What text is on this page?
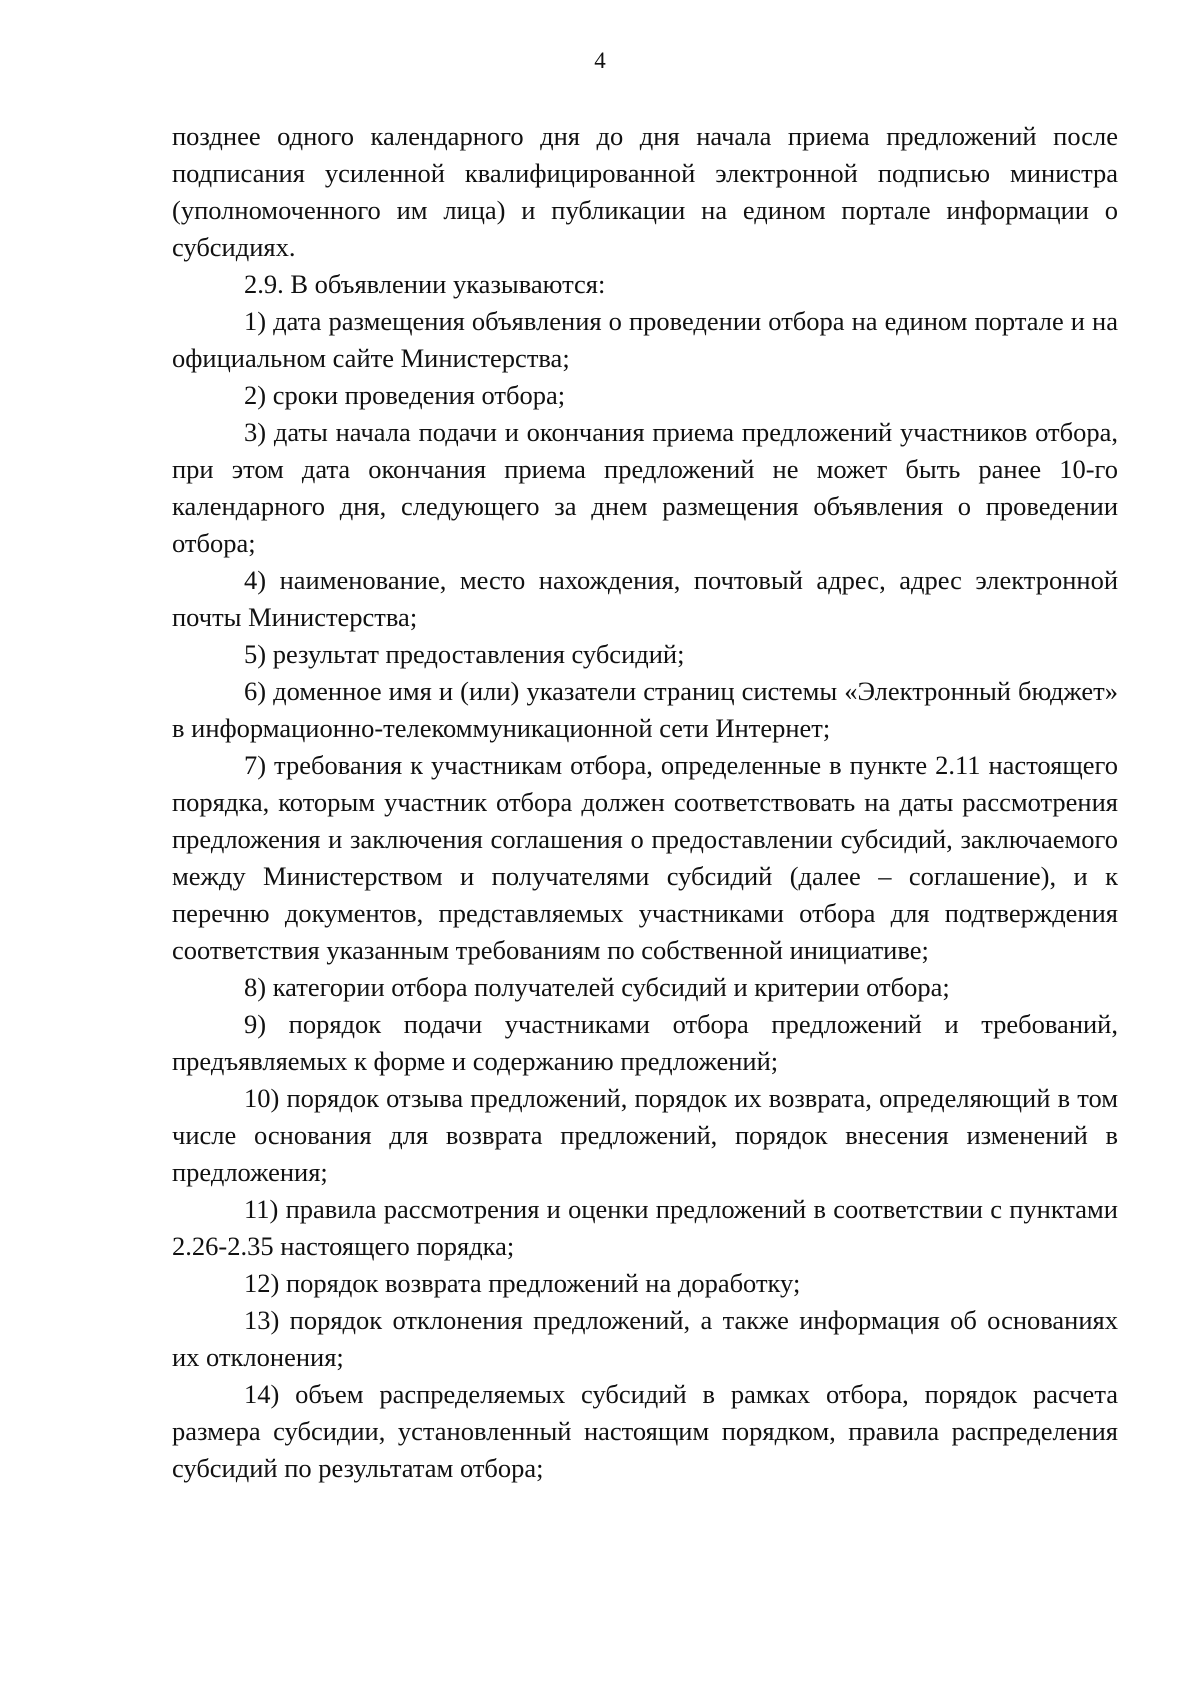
4

позднее одного календарного дня до дня начала приема предложений после подписания усиленной квалифицированной электронной подписью министра (уполномоченного им лица) и публикации на едином портале информации о субсидиях.

2.9. В объявлении указываются:

1) дата размещения объявления о проведении отбора на едином портале и на официальном сайте Министерства;

2) сроки проведения отбора;

3) даты начала подачи и окончания приема предложений участников отбора, при этом дата окончания приема предложений не может быть ранее 10-го календарного дня, следующего за днем размещения объявления о проведении отбора;

4) наименование, место нахождения, почтовый адрес, адрес электронной почты Министерства;

5) результат предоставления субсидий;

6) доменное имя и (или) указатели страниц системы «Электронный бюджет» в информационно-телекоммуникационной сети Интернет;

7) требования к участникам отбора, определенные в пункте 2.11 настоящего порядка, которым участник отбора должен соответствовать на даты рассмотрения предложения и заключения соглашения о предоставлении субсидий, заключаемого между Министерством и получателями субсидий (далее – соглашение), и к перечню документов, представляемых участниками отбора для подтверждения соответствия указанным требованиям по собственной инициативе;

8) категории отбора получателей субсидий и критерии отбора;

9) порядок подачи участниками отбора предложений и требований, предъявляемых к форме и содержанию предложений;

10) порядок отзыва предложений, порядок их возврата, определяющий в том числе основания для возврата предложений, порядок внесения изменений в предложения;

11) правила рассмотрения и оценки предложений в соответствии с пунктами 2.26-2.35 настоящего порядка;

12) порядок возврата предложений на доработку;

13) порядок отклонения предложений, а также информация об основаниях их отклонения;

14) объем распределяемых субсидий в рамках отбора, порядок расчета размера субсидии, установленный настоящим порядком, правила распределения субсидий по результатам отбора;
